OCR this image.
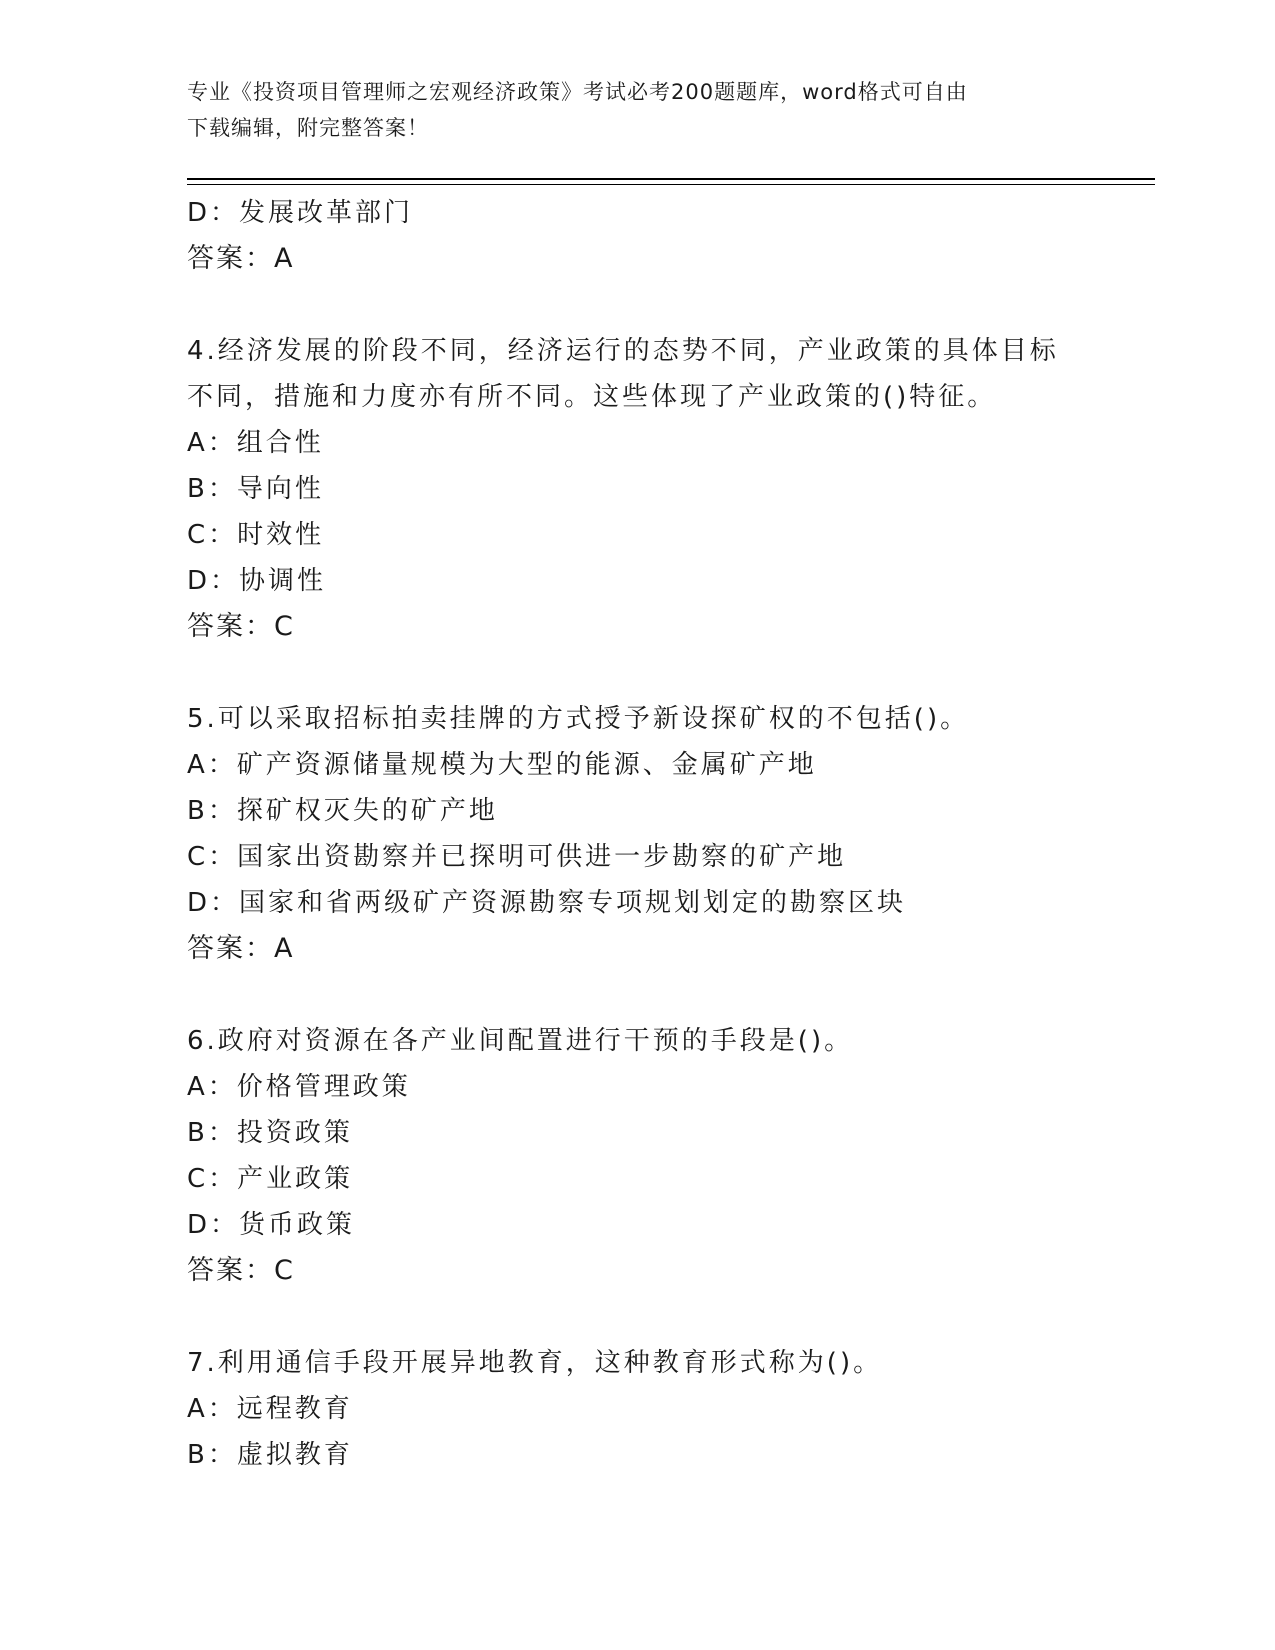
专业《投资项目管理师之宏观经济政策》考试必考200题题库，word格式可自由
下载编辑，附完整答案！
D：发展改革部门
答案：A
4.经济发展的阶段不同，经济运行的态势不同，产业政策的具体目标
不同，措施和力度亦有所不同。这些体现了产业政策的()特征。
A：组合性
B：导向性
C：时效性
D：协调性
答案：C
5.可以采取招标拍卖挂牌的方式授予新设探矿权的不包括()。
A：矿产资源储量规模为大型的能源、金属矿产地
B：探矿权灭失的矿产地
C：国家出资勘察并已探明可供进一步勘察的矿产地
D：国家和省两级矿产资源勘察专项规划划定的勘察区块
答案：A
6.政府对资源在各产业间配置进行干预的手段是()。
A：价格管理政策
B：投资政策
C：产业政策
D：货币政策
答案：C
7.利用通信手段开展异地教育，这种教育形式称为()。
A：远程教育
B：虚拟教育
